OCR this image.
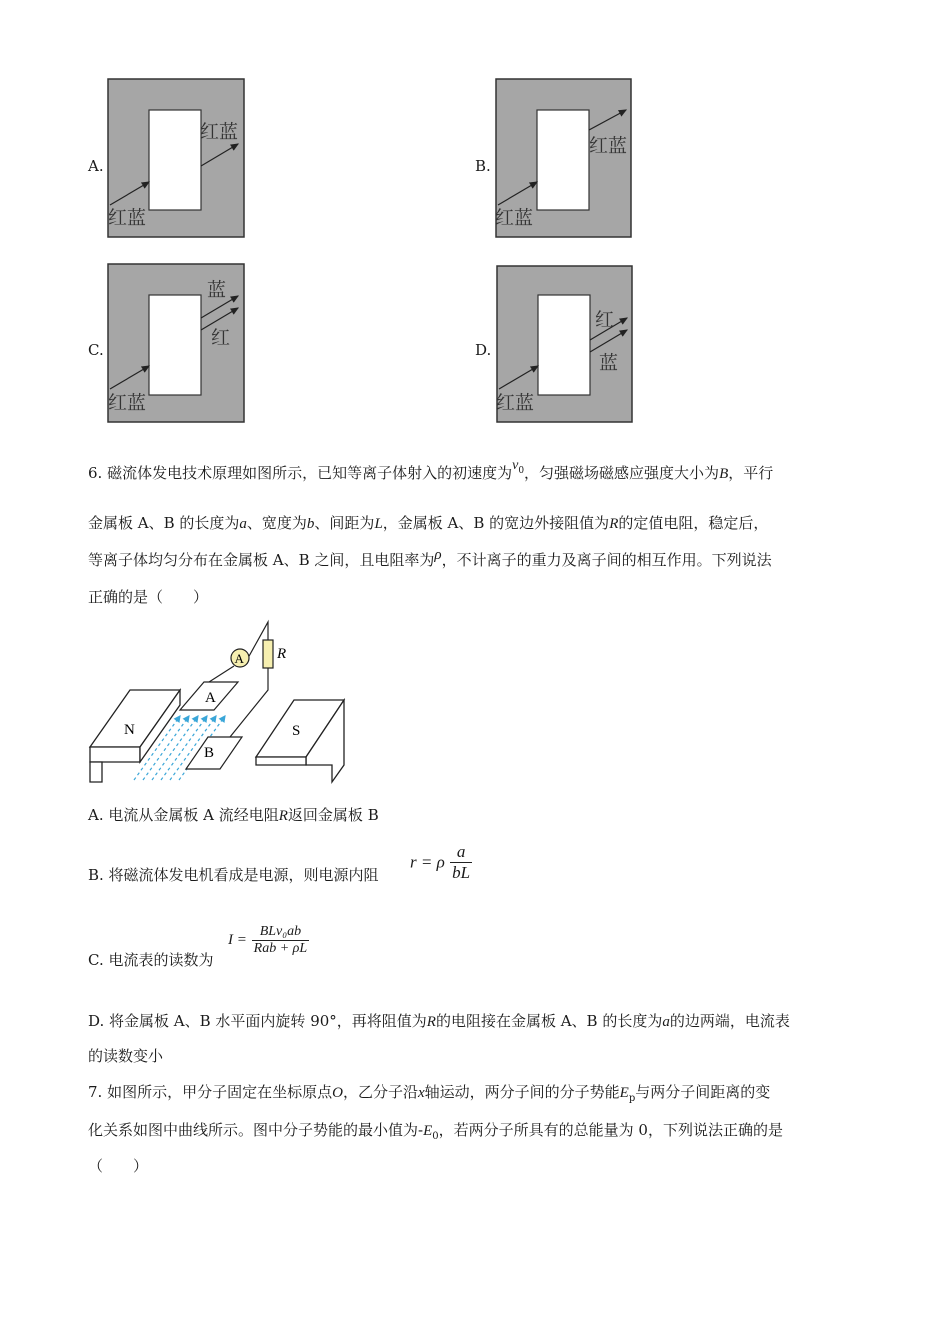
A.	B.
C.	D.
红蓝
红蓝
红蓝
红蓝
红蓝
蓝
红
红蓝
红
蓝
6. 磁流体发电技术原理如图所示，已知等离子体射入的初速度为$v_0$，匀强磁场磁感应强度大小为B，平行
金属板 A、B 的长度为a、宽度为b、间距为L，金属板 A、B 的宽边外接阻值为R的定值电阻，稳定后，
等离子体均匀分布在金属板 A、B 之间，且电阻率为ρ，不计离子的重力及离子间的相互作用。下列说法
正确的是（　　）
N	S
A
B
A R
A. 电流从金属板 A 流经电阻R返回金属板 B
B. 将磁流体发电机看成是电源，则电源内阻
r = ρ $\frac{a}{bL}$
C. 电流表的读数为
$I = \frac{\text{BLv₀ab}}{\text{Rab + ρL}}$
D. 将金属板 A、B 水平面内旋转 90°，再将阻值为R的电阻接在金属板 A、B 的长度为a的边两端，电流表
的读数变小
7. 如图所示，甲分子固定在坐标原点O，乙分子沿x轴运动，两分子间的分子势能$E_p$与两分子间距离的变
化关系如图中曲线所示。图中分子势能的最小值为$-E_0$，若两分子所具有的总能量为 0，下列说法正确的是
（　　）
